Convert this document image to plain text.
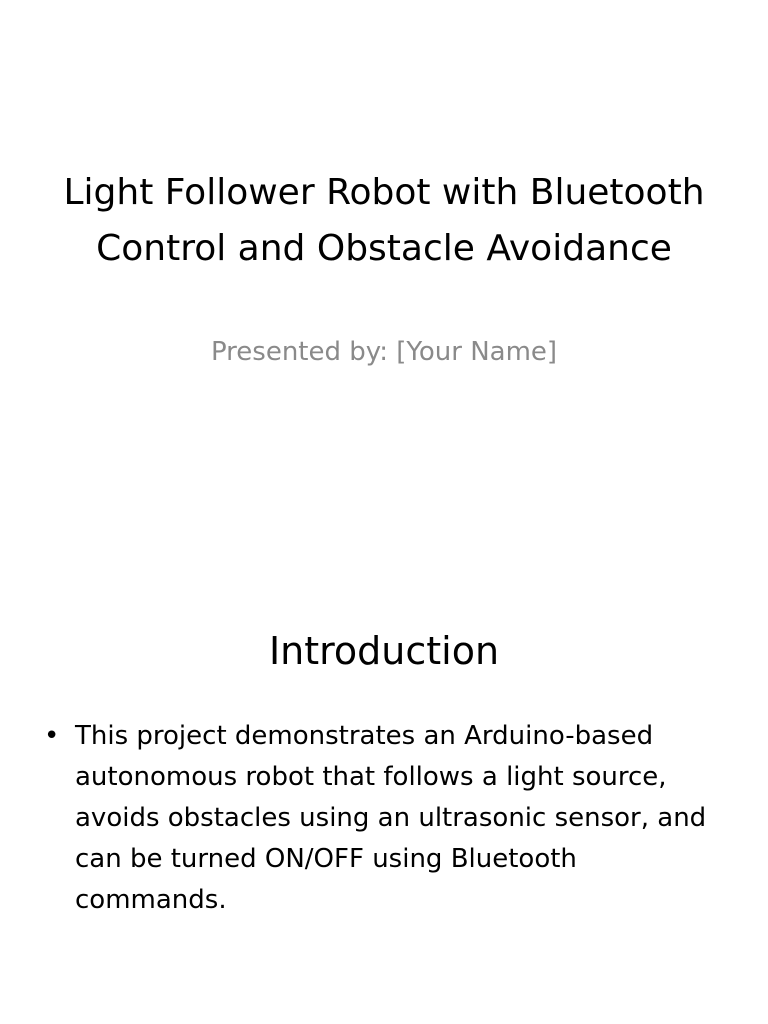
Light Follower Robot with Bluetooth Control and Obstacle Avoidance
Presented by: [Your Name]
Introduction
• This project demonstrates an Arduino-based autonomous robot that follows a light source, avoids obstacles using an ultrasonic sensor, and can be turned ON/OFF using Bluetooth commands.
